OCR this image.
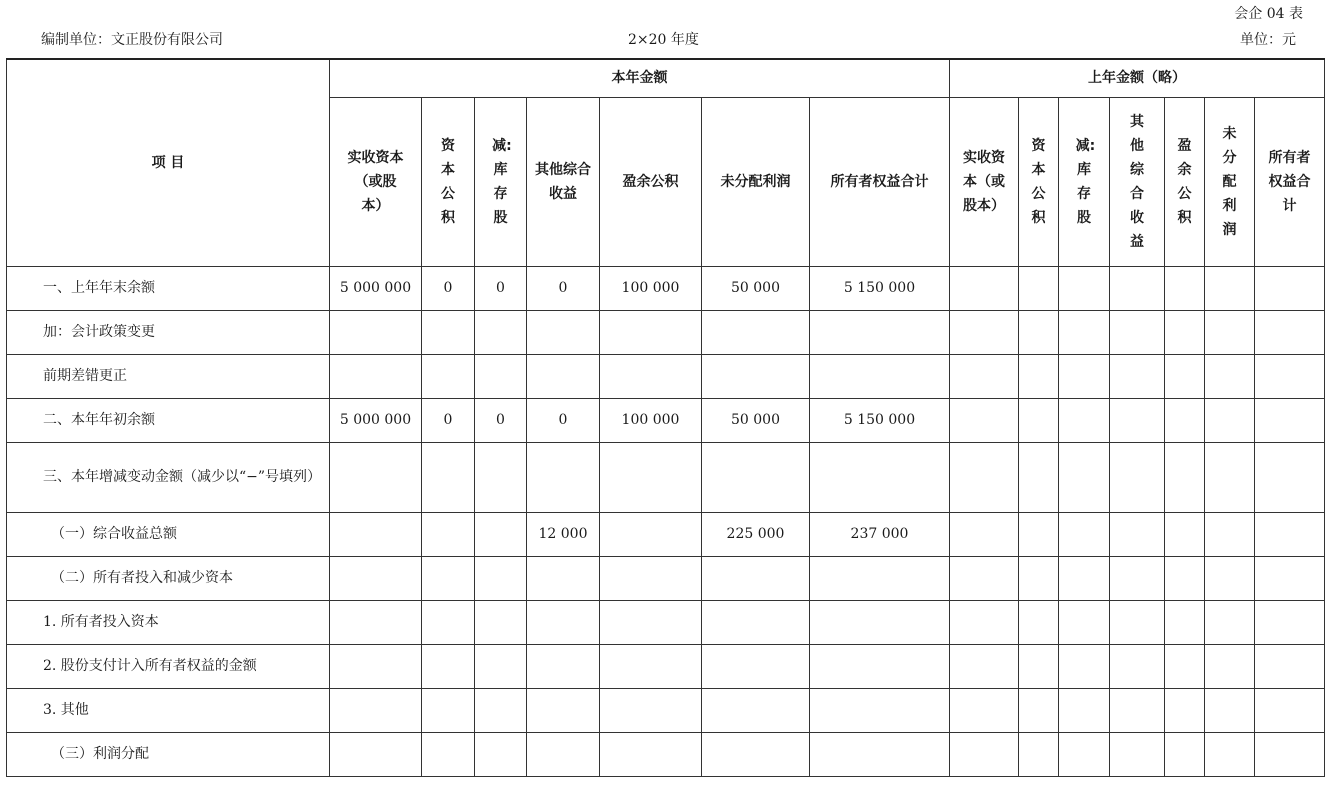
会企 04 表
编制单位：文正股份有限公司	2×20 年度	单位：元
项 目	本年金额							上年金额（略）						
	实收资本（或股本）	资本公积	减:库存股	其他综合收益	盈余公积	未分配利润	所有者权益合计	实收资本（或股本）	资本公积	减:库存股	其他综合收益	盈余公积	未分配利润	所有者权益合计
一、上年年末余额	5 000 000	0	0	0	100 000	50 000	5 150 000							
加：会计政策变更														
前期差错更正														
二、本年年初余额	5 000 000	0	0	0	100 000	50 000	5 150 000							
三、本年增减变动金额（减少以“−”号填列）														
（一）综合收益总额				12 000		225 000	237 000							
（二）所有者投入和减少资本														
1. 所有者投入资本														
2. 股份支付计入所有者权益的金额														
3. 其他														
（三）利润分配														
